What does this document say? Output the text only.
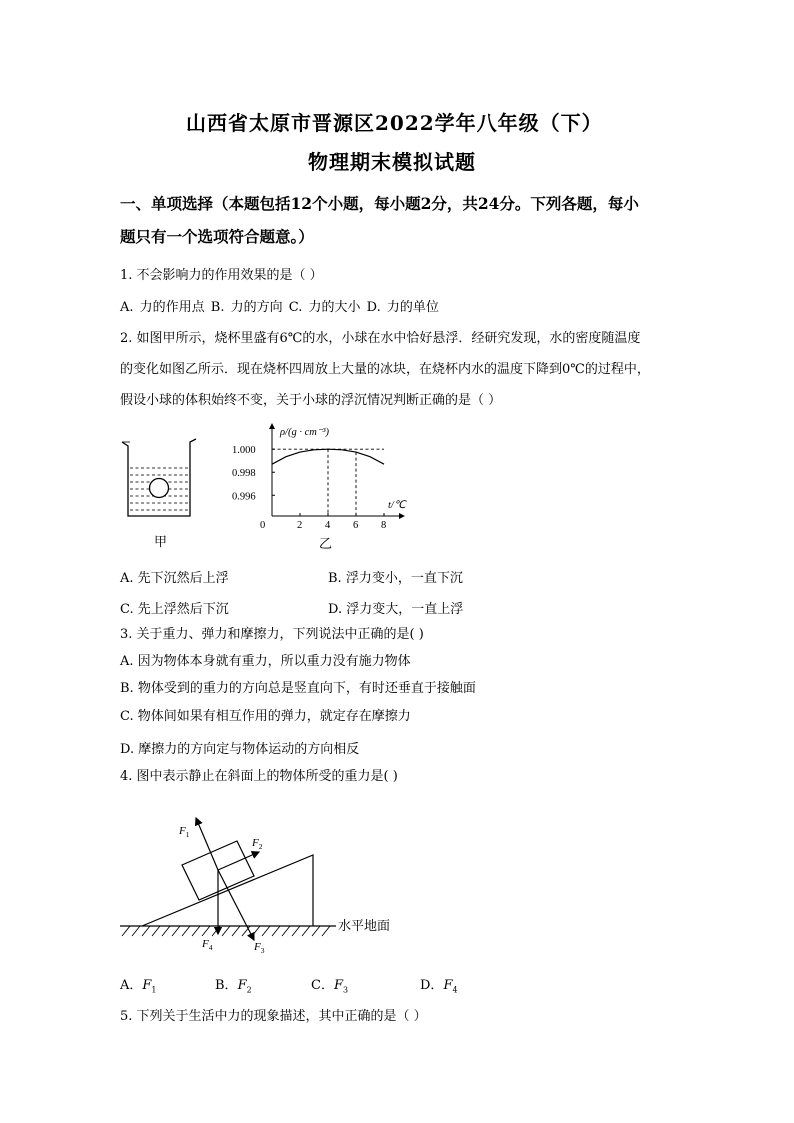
山西省太原市晋源区2022学年八年级（下）
物理期末模拟试题
一、单项选择（本题包括12个小题，每小题2分，共24分。下列各题，每小
题只有一个选项符合题意。）
1. 不会影响力的作用效果的是（ ）
A. 力的作用点 B. 力的方向 C. 力的大小 D. 力的单位
2. 如图甲所示，烧杯里盛有6℃的水，小球在水中恰好悬浮．经研究发现，水的密度随温度
的变化如图乙所示．现在烧杯四周放上大量的冰块，在烧杯内水的温度下降到0℃的过程中，
假设小球的体积始终不变，关于小球的浮沉情况判断正确的是（ ）
甲
0	2 4 6 8
1.000
0.998
0.996
ρ/(g · cm⁻³)
t/℃
乙
A. 先下沉然后上浮	B. 浮力变小，一直下沉
C. 先上浮然后下沉	D. 浮力变大，一直上浮
3. 关于重力、弹力和摩擦力，下列说法中正确的是( )
A. 因为物体本身就有重力，所以重力没有施力物体
B. 物体受到的重力的方向总是竖直向下，有时还垂直于接触面
C. 物体间如果有相互作用的弹力，就定存在摩擦力
D. 摩擦力的方向定与物体运动的方向相反
4. 图中表示静止在斜面上的物体所受的重力是( )
$F_1$
$F_2$
$F_3$
$F_4$
水平地面
A．$F_1$	B．$F_2$	C．$F_3$	D．$F_4$
5. 下列关于生活中力的现象描述，其中正确的是（ ）
